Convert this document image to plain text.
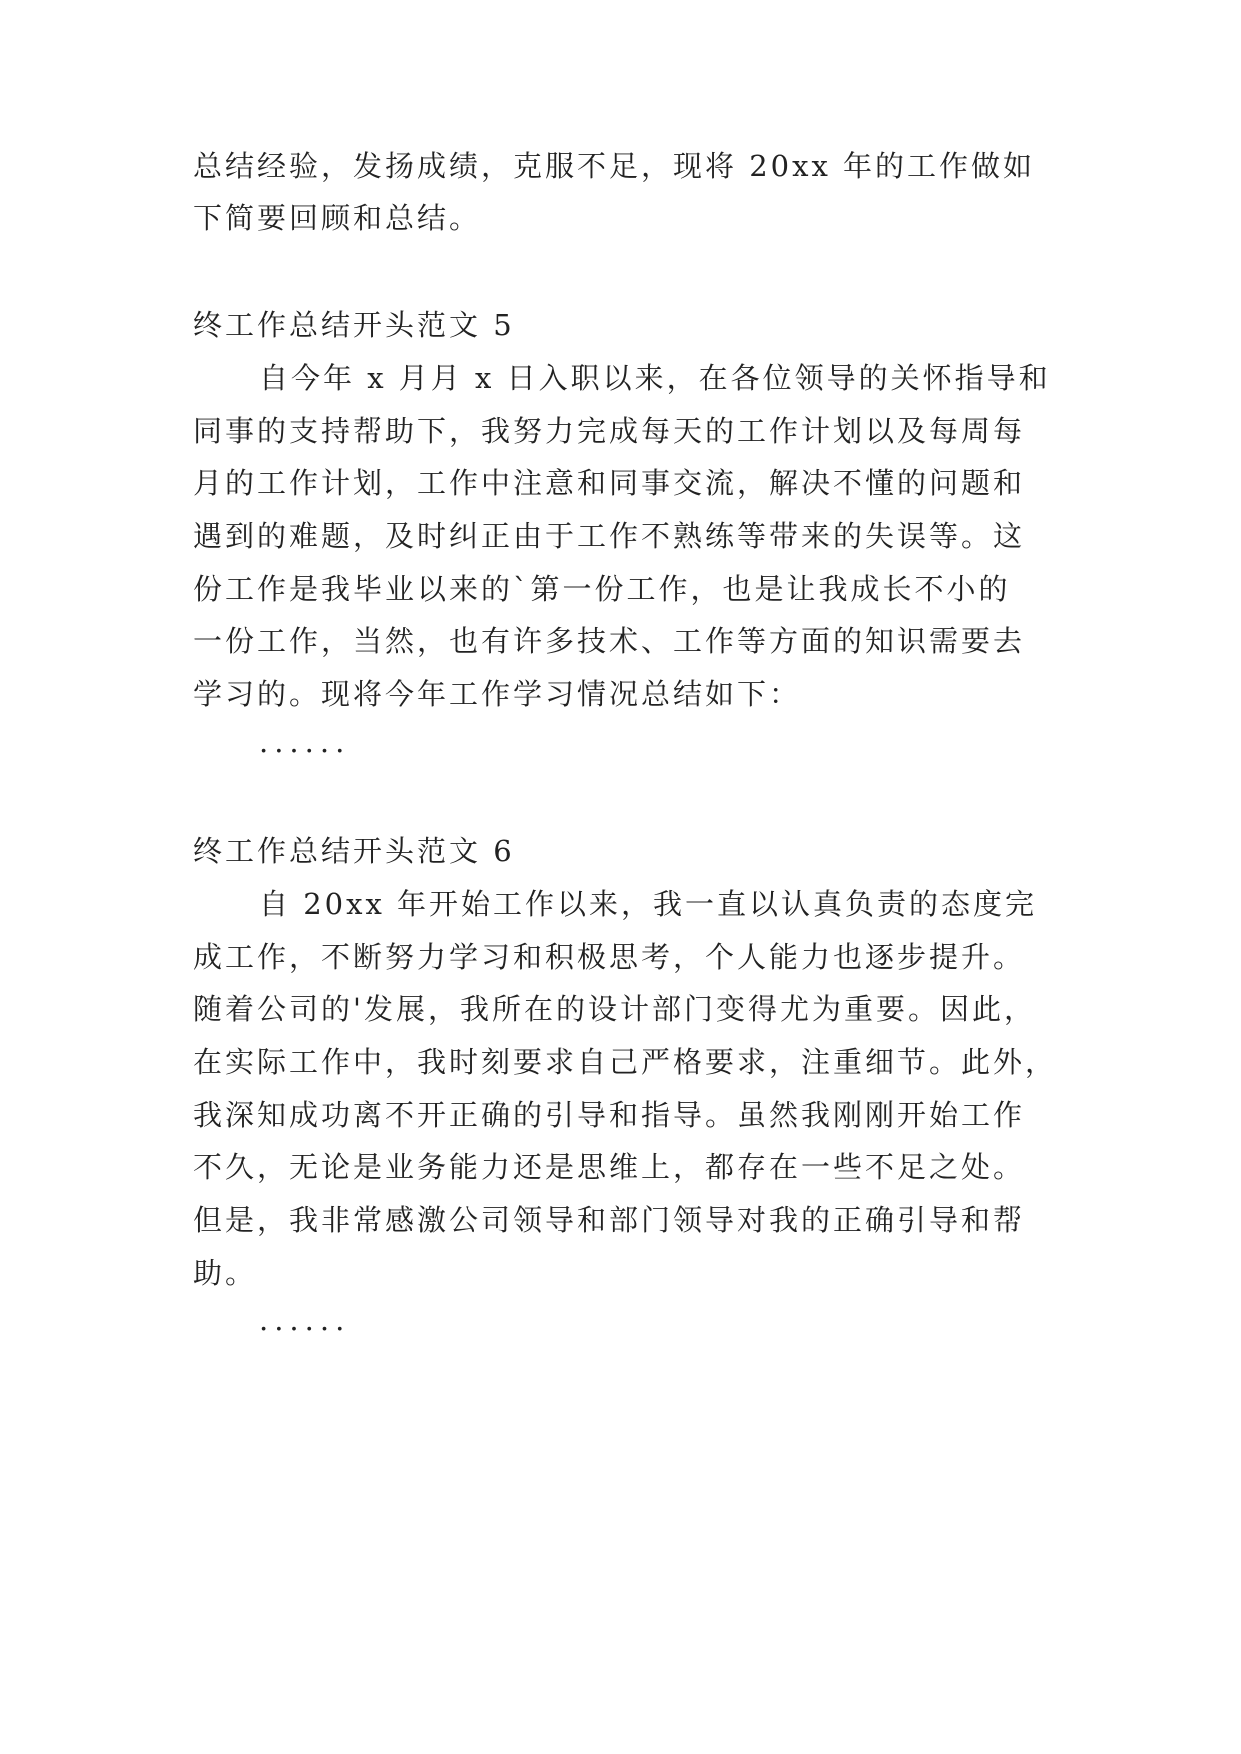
总结经验，发扬成绩，克服不足，现将 20xx 年的工作做如
下简要回顾和总结。
终工作总结开头范文 5
自今年 x 月月 x 日入职以来，在各位领导的关怀指导和
同事的支持帮助下，我努力完成每天的工作计划以及每周每
月的工作计划，工作中注意和同事交流，解决不懂的问题和
遇到的难题，及时纠正由于工作不熟练等带来的失误等。这
份工作是我毕业以来的`第一份工作，也是让我成长不小的
一份工作，当然，也有许多技术、工作等方面的知识需要去
学习的。现将今年工作学习情况总结如下：
......
终工作总结开头范文 6
自 20xx 年开始工作以来，我一直以认真负责的态度完
成工作，不断努力学习和积极思考，个人能力也逐步提升。
随着公司的'发展，我所在的设计部门变得尤为重要。因此，
在实际工作中，我时刻要求自己严格要求，注重细节。此外，
我深知成功离不开正确的引导和指导。虽然我刚刚开始工作
不久，无论是业务能力还是思维上，都存在一些不足之处。
但是，我非常感激公司领导和部门领导对我的正确引导和帮
助。
......
